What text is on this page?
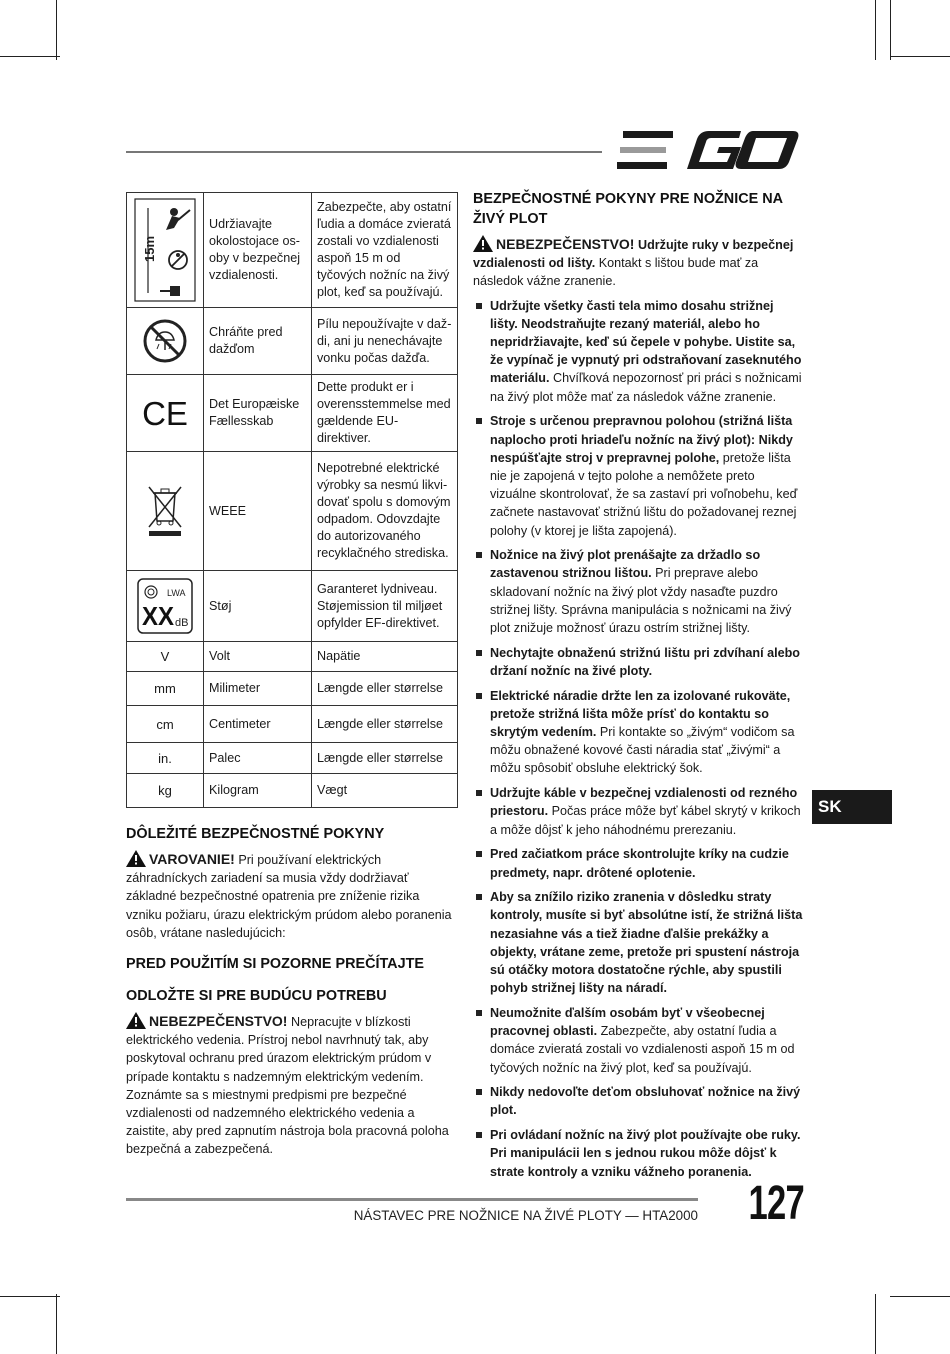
EGO
15m	Udržiavajte okolostojace os- oby v bezpečnej vzdialenosti.	Zabezpečte, aby ostatní ľudia a domáce zvieratá zostali vo vzdialenosti aspoň 15 m od tyčových nožníc na živý plot, keď sa používajú.

	Chráňte pred dažďom	Pílu nepoužívajte v daž- di, ani ju nenechávajte vonku počas dažďa.

CE	Det Europæiske Fællesskab	Dette produkt er i overensstemmelse med gældende EU-direktiver.

	WEEE	Nepotrebné elektrické výrobky sa nesmú likvi- dovať spolu s domovým odpadom. Odovzdajte do autorizovaného recyklačného strediska.

LWA
XX dB	Støj	Garanteret lydniveau. Støjemission til miljøet opfylder EF-direktivet.
V	Volt	Napätie
mm	Milimeter	Længde eller størrelse
cm	Centimeter	Længde eller størrelse
in.	Palec	Længde eller størrelse
kg	Kilogram	Vægt
DÔLEŽITÉ BEZPEČNOSTNÉ POKYNY

VAROVANIE! Pri používaní elektrických záhradníckych zariadení sa musia vždy dodržiavať základné bezpečnostné opatrenia pre zníženie rizika vzniku požiaru, úrazu elektrickým prúdom alebo poranenia osôb, vrátane nasledujúcich:

PRED POUŽITÍM SI POZORNE PREČÍTAJTE
ODLOŽTE SI PRE BUDÚCU POTREBU

NEBEZPEČENSTVO! Nepracujte v blízkosti elektrického vedenia. Prístroj nebol navrhnutý tak, aby poskytoval ochranu pred úrazom elektrickým prúdom v prípade kontaktu s nadzemným elektrickým vedením. Zoznámte sa s miestnymi predpismi pre bezpečné vzdialenosti od nadzemného elektrického vedenia a zaistite, aby pred zapnutím nástroja bola pracovná poloha bezpečná a zabezpečená.

BEZPEČNOSTNÉ POKYNY PRE NOŽNICE NA ŽIVÝ PLOT

NEBEZPEČENSTVO! Udržujte ruky v bezpečnej vzdialenosti od lišty. Kontakt s lištou bude mať za následok vážne zranenie.

Udržujte všetky časti tela mimo dosahu strižnej lišty. Neodstraňujte rezaný materiál, alebo ho nepridržiavajte, keď sú čepele v pohybe. Uistite sa, že vypínač je vypnutý pri odstraňovaní zaseknutého materiálu. Chvíľková nepozornosť pri práci s nožnicami na živý plot môže mať za následok vážne zranenie.
Stroje s určenou prepravnou polohou (strižná lišta naplocho proti hriadeľu nožníc na živý plot): Nikdy nespúšťajte stroj v prepravnej polohe, pretože lišta nie je zapojená v tejto polohe a nemôžete preto vizuálne skontrolovať, že sa zastaví pri voľnobehu, keď začnete nastavovať strižnú lištu do požadovanej reznej polohy (v ktorej je lišta zapojená).
Nožnice na živý plot prenášajte za držadlo so zastavenou strižnou lištou. Pri preprave alebo skladovaní nožníc na živý plot vždy nasaďte puzdro strižnej lišty. Správna manipulácia s nožnicami na živý plot znižuje možnosť úrazu ostrím strižnej lišty.
Nechytajte obnaženú strižnú lištu pri zdvíhaní alebo držaní nožníc na živé ploty.
Elektrické náradie držte len za izolované rukoväte, pretože strižná lišta môže prísť do kontaktu so skrytým vedením. Pri kontakte so „živým“ vodičom sa môžu obnažené kovové časti náradia stať „živými“ a môžu spôsobiť obsluhe elektrický šok.
Udržujte káble v bezpečnej vzdialenosti od rezného priestoru. Počas práce môže byť kábel skrytý v krikoch a môže dôjsť k jeho náhodnému prerezaniu.
Pred začiatkom práce skontrolujte kríky na cudzie predmety, napr. drôtené oplotenie.
Aby sa znížilo riziko zranenia v dôsledku straty kontroly, musíte si byť absolútne istí, že strižná lišta nezasiahne vás a tiež žiadne ďalšie prekážky a objekty, vrátane zeme, pretože pri spustení nástroja sú otáčky motora dostatočne rýchle, aby spustili pohyb strižnej lišty na náradí.
Neumožnite ďalším osobám byť v všeobecnej pracovnej oblasti. Zabezpečte, aby ostatní ľudia a domáce zvieratá zostali vo vzdialenosti aspoň 15 m od tyčových nožníc na živý plot, keď sa používajú.
Nikdy nedovoľte deťom obsluhovať nožnice na živý plot.
Pri ovládaní nožníc na živý plot používajte obe ruky. Pri manipulácii len s jednou rukou môže dôjsť k strate kontroly a vzniku vážneho poranenia.
SK
NÁSTAVEC PRE NOŽNICE NA ŽIVÉ PLOTY — HTA2000 127
